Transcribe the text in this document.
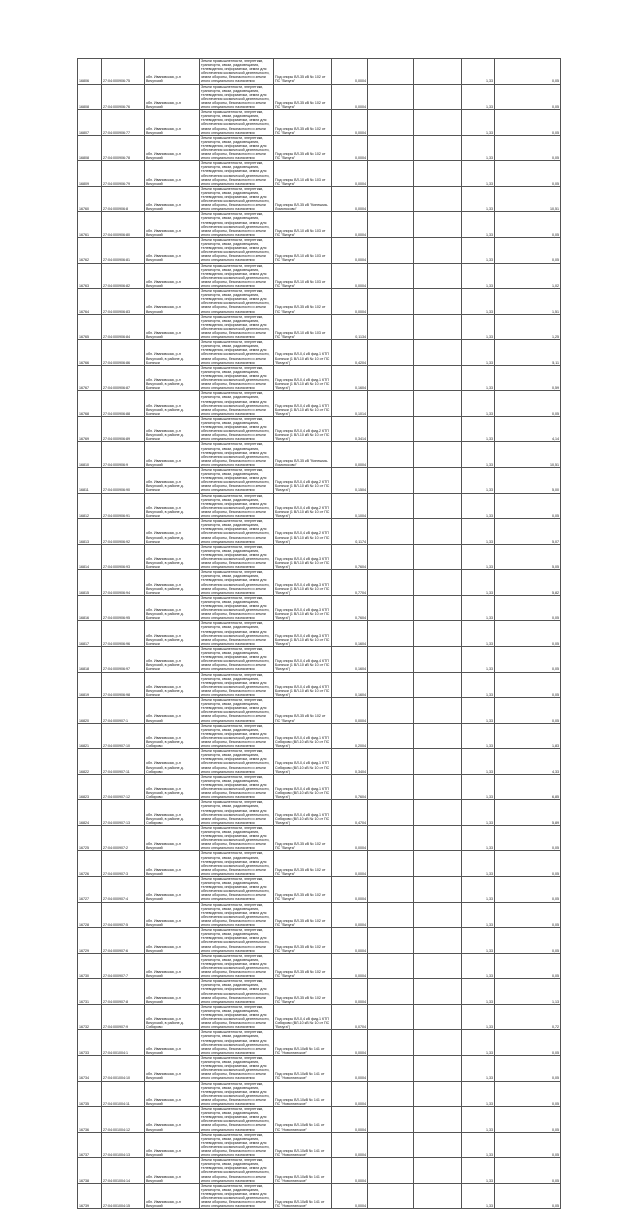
16806	27:04:000906:75	обл. Ивановская, р-н Вичугский	Земли промышленности, энергетики, транспорта, связи, радиовещания, телевидения, информатики, земли для обеспечения космической деятельности, земли обороны, безопасности и земли иного специального назначения	Под опоры ВЛ-35 кВ № 102 от ПС "Вичуга"	0,0004			1,33	0,05
16808	27:04:000906:76	обл. Ивановская, р-н Вичугский	Земли промышленности, энергетики, транспорта, связи, радиовещания, телевидения, информатики, земли для обеспечения космической деятельности, земли обороны, безопасности и земли иного специального назначения	Под опоры ВЛ-35 кВ № 102 от ПС "Вичуга"	0,0004			1,33	0,05
16807	27:04:000906:77	обл. Ивановская, р-н Вичугский	Земли промышленности, энергетики, транспорта, связи, радиовещания, телевидения, информатики, земли для обеспечения космической деятельности, земли обороны, безопасности и земли иного специального назначения	Под опоры ВЛ-35 кВ № 102 от ПС "Вичуга"	0,0004			1,33	0,05
16808	27:04:000906:78	обл. Ивановская, р-н Вичугский	Земли промышленности, энергетики, транспорта, связи, радиовещания, телевидения, информатики, земли для обеспечения космической деятельности, земли обороны, безопасности и земли иного специального назначения	Под опоры ВЛ-35 кВ № 102 от ПС "Вичуга"	0,0004			1,33	0,05
16809	27:04:000906:79	обл. Ивановская, р-н Вичугский	Земли промышленности, энергетики, транспорта, связи, радиовещания, телевидения, информатики, земли для обеспечения космической деятельности, земли обороны, безопасности и земли иного специального назначения	Под опоры ВЛ-10 кВ № 103 от ПС "Вичуга"	0,0004			1,33	0,05
16760	27:04:000906:8	обл. Ивановская, р-н Вичугский	Земли промышленности, энергетики, транспорта, связи, радиовещания, телевидения, информатики, земли для обеспечения космической деятельности, земли обороны, безопасности и земли иного специального назначения	Под опоры ВЛ-35 кВ "Кинешма-Ломоносово"	0,0004			1,33	10,51
16761	27:04:000906:80	обл. Ивановская, р-н Вичугский	Земли промышленности, энергетики, транспорта, связи, радиовещания, телевидения, информатики, земли для обеспечения космической деятельности, земли обороны, безопасности и земли иного специального назначения	Под опоры ВЛ-10 кВ № 103 от ПС "Вичуга"	0,0004			1,33	0,05
16762	27:04:000906:81	обл. Ивановская, р-н Вичугский	Земли промышленности, энергетики, транспорта, связи, радиовещания, телевидения, информатики, земли для обеспечения космической деятельности, земли обороны, безопасности и земли иного специального назначения	Под опоры ВЛ-10 кВ № 103 от ПС "Вичуга"	0,0004			1,33	0,05
16763	27:04:000906:82	обл. Ивановская, р-н Вичугский	Земли промышленности, энергетики, транспорта, связи, радиовещания, телевидения, информатики, земли для обеспечения космической деятельности, земли обороны, безопасности и земли иного специального назначения	Под опоры ВЛ-10 кВ № 103 от ПС "Вичуга"	0,0004			1,33	1,02
16764	27:04:000906:83	обл. Ивановская, р-н Вичугский	Земли промышленности, энергетики, транспорта, связи, радиовещания, телевидения, информатики, земли для обеспечения космической деятельности, земли обороны, безопасности и земли иного специального назначения	Под опоры ВЛ-35 кВ № 102 от ПС "Вичуга"	0,0004			1,33	1,51
16765	27:04:000906:84	обл. Ивановская, р-н Вичугский	Земли промышленности, энергетики, транспорта, связи, радиовещания, телевидения, информатики, земли для обеспечения космической деятельности, земли обороны, безопасности и земли иного специального назначения	Под опоры ВЛ-10 кВ № 103 от ПС "Вичуга"	0,1134			1,33	1,25
16766	27:04:000906:86	обл. Ивановская, р-н Вичугский, в районе д. Бонячки	Земли промышленности, энергетики, транспорта, связи, радиовещания, телевидения, информатики, земли для обеспечения космической деятельности, земли обороны, безопасности и земли иного специального назначения	Под опоры ВЛ-0,4 кВ фид.1 КТП Бонячки (1 ВЛ-10 кВ № 10 от ПС "Вичуга")	0,4204			1,33	5,11
16767	27:04:000906:87	обл. Ивановская, р-н Вичугский, в районе д. Бонячки	Земли промышленности, энергетики, транспорта, связи, радиовещания, телевидения, информатики, земли для обеспечения космической деятельности, земли обороны, безопасности и земли иного специального назначения	Под опоры ВЛ-0,4 кВ фид.1 КТП Бонячки (1 ВЛ-10 кВ № 10 от ПС "Вичуга")	0,1604			1,33	0,59
16768	27:04:000906:88	обл. Ивановская, р-н Вичугский, в районе д. Бонячки	Земли промышленности, энергетики, транспорта, связи, радиовещания, телевидения, информатики, земли для обеспечения космической деятельности, земли обороны, безопасности и земли иного специального назначения	Под опоры ВЛ-0,4 кВ фид.1 КТП Бонячки (1 ВЛ-10 кВ № 10 от ПС "Вичуга")	0,1014			1,33	0,05
16769	27:04:000906:89	обл. Ивановская, р-н Вичугский, в районе д. Бонячки	Земли промышленности, энергетики, транспорта, связи, радиовещания, телевидения, информатики, земли для обеспечения космической деятельности, земли обороны, безопасности и земли иного специального назначения	Под опоры ВЛ-0,4 кВ фид.2 КТП Бонячки (1 ВЛ-10 кВ № 10 от ПС "Вичуга")	0,3414			1,33	4,14
16810	27:04:000906:9	обл. Ивановская, р-н Вичугский	Земли промышленности, энергетики, транспорта, связи, радиовещания, телевидения, информатики, земли для обеспечения космической деятельности, земли обороны, безопасности и земли иного специального назначения	Под опоры ВЛ-35 кВ "Кинешма-Ломоносово"	0,0004			1,33	10,51
16811	27:04:000906:90	обл. Ивановская, р-н Вичугский, в районе д. Бонячки	Земли промышленности, энергетики, транспорта, связи, радиовещания, телевидения, информатики, земли для обеспечения космической деятельности, земли обороны, безопасности и земли иного специального назначения	Под опоры ВЛ-0,4 кВ фид.2 КТП Бонячки (1 ВЛ-10 кВ № 10 от ПС "Вичуга")	0,1504			1,33	5,00
16812	27:04:000906:91	обл. Ивановская, р-н Вичугский, в районе д. Бонячки	Земли промышленности, энергетики, транспорта, связи, радиовещания, телевидения, информатики, земли для обеспечения космической деятельности, земли обороны, безопасности и земли иного специального назначения	Под опоры ВЛ-0,4 кВ фид.2 КТП Бонячки (1 ВЛ-10 кВ № 10 от ПС "Вичуга")	0,1004			1,33	0,05
16813	27:04:000906:92	обл. Ивановская, р-н Вичугский, в районе д. Бонячки	Земли промышленности, энергетики, транспорта, связи, радиовещания, телевидения, информатики, земли для обеспечения космической деятельности, земли обороны, безопасности и земли иного специального назначения	Под опоры ВЛ-0,4 кВ фид.2 КТП Бонячки (1 ВЛ-10 кВ № 10 от ПС "Вичуга")	0,1174			1,33	5,07
16814	27:04:000906:93	обл. Ивановская, р-н Вичугский, в районе д. Бонячки	Земли промышленности, энергетики, транспорта, связи, радиовещания, телевидения, информатики, земли для обеспечения космической деятельности, земли обороны, безопасности и земли иного специального назначения	Под опоры ВЛ-0,4 кВ фид.3 КТП Бонячки (1 ВЛ-10 кВ № 10 от ПС "Вичуга")	0,7604			1,33	5,05
16815	27:04:000906:94	обл. Ивановская, р-н Вичугский, в районе д. Бонячки	Земли промышленности, энергетики, транспорта, связи, радиовещания, телевидения, информатики, земли для обеспечения космической деятельности, земли обороны, безопасности и земли иного специального назначения	Под опоры ВЛ-0,4 кВ фид.3 КТП Бонячки (1 ВЛ-10 кВ № 10 от ПС "Вичуга")	0,7704			1,33	5,82
16816	27:04:000906:95	обл. Ивановская, р-н Вичугский, в районе д. Бонячки	Земли промышленности, энергетики, транспорта, связи, радиовещания, телевидения, информатики, земли для обеспечения космической деятельности, земли обороны, безопасности и земли иного специального назначения	Под опоры ВЛ-0,4 кВ фид.3 КТП Бонячки (1 ВЛ-10 кВ № 10 от ПС "Вичуга")	0,7604			1,33	0,05
16817	27:04:000906:96	обл. Ивановская, р-н Вичугский, в районе д. Бонячки	Земли промышленности, энергетики, транспорта, связи, радиовещания, телевидения, информатики, земли для обеспечения космической деятельности, земли обороны, безопасности и земли иного специального назначения	Под опоры ВЛ-0,4 кВ фид.3 КТП Бонячки (1 ВЛ-10 кВ № 10 от ПС "Вичуга")	0,1604			1,33	0,05
16818	27:04:000906:97	обл. Ивановская, р-н Вичугский, в районе д. Бонячки	Земли промышленности, энергетики, транспорта, связи, радиовещания, телевидения, информатики, земли для обеспечения космической деятельности, земли обороны, безопасности и земли иного специального назначения	Под опоры ВЛ-0,4 кВ фид.4 КТП Бонячки (1 ВЛ-10 кВ № 10 от ПС "Вичуга")	0,1604			1,33	0,05
16819	27:04:000906:98	обл. Ивановская, р-н Вичугский, в районе д. Бонячки	Земли промышленности, энергетики, транспорта, связи, радиовещания, телевидения, информатики, земли для обеспечения космической деятельности, земли обороны, безопасности и земли иного специального назначения	Под опоры ВЛ-0,4 кВ фид.4 КТП Бонячки (1 ВЛ-10 кВ № 10 от ПС "Вичуга")	0,1604			1,33	0,05
16820	27:04:000907:1	обл. Ивановская, р-н Вичугский	Земли промышленности, энергетики, транспорта, связи, радиовещания, телевидения, информатики, земли для обеспечения космической деятельности, земли обороны, безопасности и земли иного специального назначения	Под опоры ВЛ-35 кВ № 102 от ПС "Вичуга"	0,0004			1,33	0,05
16821	27:04:000907:10	обл. Ивановская, р-н Вичугский, в районе д. Сибирово	Земли промышленности, энергетики, транспорта, связи, радиовещания, телевидения, информатики, земли для обеспечения космической деятельности, земли обороны, безопасности и земли иного специального назначения	Под опоры ВЛ-0,4 кВ фид.1 КТП Сибирово (ВЛ-10 кВ № 10 от ПС "Вичуга")	0,2004			1,33	1,83
16822	27:04:000907:11	обл. Ивановская, р-н Вичугский, в районе д. Сибирово	Земли промышленности, энергетики, транспорта, связи, радиовещания, телевидения, информатики, земли для обеспечения космической деятельности, земли обороны, безопасности и земли иного специального назначения	Под опоры ВЛ-0,4 кВ фид.1 КТП Сибирово (ВЛ-10 кВ № 10 от ПС "Вичуга")	0,3404			1,33	4,33
16823	27:04:000907:12	обл. Ивановская, р-н Вичугский, в районе д. Сибирово	Земли промышленности, энергетики, транспорта, связи, радиовещания, телевидения, информатики, земли для обеспечения космической деятельности, земли обороны, безопасности и земли иного специального назначения	Под опоры ВЛ-0,4 кВ фид.1 КТП Сибирово (ВЛ-10 кВ № 10 от ПС "Вичуга")	0,7604			1,33	6,85
16824	27:04:000907:13	обл. Ивановская, р-н Вичугский, в районе д. Сибирово	Земли промышленности, энергетики, транспорта, связи, радиовещания, телевидения, информатики, земли для обеспечения космической деятельности, земли обороны, безопасности и земли иного специального назначения	Под опоры ВЛ-0,4 кВ фид.1 КТП Сибирово (ВЛ-10 кВ № 10 от ПС "Вичуга")	0,4704			1,33	5,89
16725	27:04:000907:2	обл. Ивановская, р-н Вичугский	Земли промышленности, энергетики, транспорта, связи, радиовещания, телевидения, информатики, земли для обеспечения космической деятельности, земли обороны, безопасности и земли иного специального назначения	Под опоры ВЛ-35 кВ № 102 от ПС "Вичуга"	0,0004			1,33	0,05
16726	27:04:000907:3	обл. Ивановская, р-н Вичугский	Земли промышленности, энергетики, транспорта, связи, радиовещания, телевидения, информатики, земли для обеспечения космической деятельности, земли обороны, безопасности и земли иного специального назначения	Под опоры ВЛ-35 кВ № 102 от ПС "Вичуга"	0,0004			1,33	0,05
16727	27:04:000907:4	обл. Ивановская, р-н Вичугский	Земли промышленности, энергетики, транспорта, связи, радиовещания, телевидения, информатики, земли для обеспечения космической деятельности, земли обороны, безопасности и земли иного специального назначения	Под опоры ВЛ-35 кВ № 102 от ПС "Вичуга"	0,0004			1,33	0,05
16728	27:04:000907:5	обл. Ивановская, р-н Вичугский	Земли промышленности, энергетики, транспорта, связи, радиовещания, телевидения, информатики, земли для обеспечения космической деятельности, земли обороны, безопасности и земли иного специального назначения	Под опоры ВЛ-35 кВ № 102 от ПС "Вичуга"	0,0004			1,33	0,05
16729	27:04:000907:6	обл. Ивановская, р-н Вичугский	Земли промышленности, энергетики, транспорта, связи, радиовещания, телевидения, информатики, земли для обеспечения космической деятельности, земли обороны, безопасности и земли иного специального назначения	Под опоры ВЛ-35 кВ № 102 от ПС "Вичуга"	0,0004			1,33	0,05
16730	27:04:000907:7	обл. Ивановская, р-н Вичугский	Земли промышленности, энергетики, транспорта, связи, радиовещания, телевидения, информатики, земли для обеспечения космической деятельности, земли обороны, безопасности и земли иного специального назначения	Под опоры ВЛ-35 кВ № 102 от ПС "Вичуга"	0,0004			1,33	0,05
16731	27:04:000907:8	обл. Ивановская, р-н Вичугский	Земли промышленности, энергетики, транспорта, связи, радиовещания, телевидения, информатики, земли для обеспечения космической деятельности, земли обороны, безопасности и земли иного специального назначения	Под опоры ВЛ-35 кВ № 102 от ПС "Вичуга"	0,0004			1,33	1,13
16732	27:04:000907:9	обл. Ивановская, р-н Вичугский, в районе д. Сибирово	Земли промышленности, энергетики, транспорта, связи, радиовещания, телевидения, информатики, земли для обеспечения космической деятельности, земли обороны, безопасности и земли иного специального назначения	Под опоры ВЛ-0,4 кВ фид.1 КТП Сибирово (ВЛ-10 кВ № 10 от ПС "Вичуга")	0,0704			1,33	0,72
16733	27:04:001004:1	обл. Ивановская, р-н Вичугский	Земли промышленности, энергетики, транспорта, связи, радиовещания, телевидения, информатики, земли для обеспечения космической деятельности, земли обороны, безопасности и земли иного специального назначения	Под опоры ВЛ-10кВ № 141 от ПС "Новоглинское"	0,0004			1,33	0,05
16734	27:04:001004:10	обл. Ивановская, р-н Вичугский	Земли промышленности, энергетики, транспорта, связи, радиовещания, телевидения, информатики, земли для обеспечения космической деятельности, земли обороны, безопасности и земли иного специального назначения	Под опоры ВЛ-10кВ № 141 от ПС "Новоглинское"	0,0004			1,33	0,05
16735	27:04:001004:11	обл. Ивановская, р-н Вичугский	Земли промышленности, энергетики, транспорта, связи, радиовещания, телевидения, информатики, земли для обеспечения космической деятельности, земли обороны, безопасности и земли иного специального назначения	Под опоры ВЛ-10кВ № 141 от ПС "Новоглинское"	0,0004			1,33	0,05
16736	27:04:001004:12	обл. Ивановская, р-н Вичугский	Земли промышленности, энергетики, транспорта, связи, радиовещания, телевидения, информатики, земли для обеспечения космической деятельности, земли обороны, безопасности и земли иного специального назначения	Под опоры ВЛ-10кВ № 141 от ПС "Новоглинское"	0,0004			1,33	0,05
16737	27:04:001004:13	обл. Ивановская, р-н Вичугский	Земли промышленности, энергетики, транспорта, связи, радиовещания, телевидения, информатики, земли для обеспечения космической деятельности, земли обороны, безопасности и земли иного специального назначения	Под опоры ВЛ-10кВ № 141 от ПС "Новоглинское"	0,0004			1,33	0,05
16738	27:04:001004:14	обл. Ивановская, р-н Вичугский	Земли промышленности, энергетики, транспорта, связи, радиовещания, телевидения, информатики, земли для обеспечения космической деятельности, земли обороны, безопасности и земли иного специального назначения	Под опоры ВЛ-10кВ № 141 от ПС "Новоглинское"	0,0004			1,33	0,05
16739	27:04:001004:15	обл. Ивановская, р-н Вичугский	Земли промышленности, энергетики, транспорта, связи, радиовещания, телевидения, информатики, земли для обеспечения космической деятельности, земли обороны, безопасности и земли иного специального назначения	Под опоры ВЛ-10кВ № 141 от ПС "Новоглинское"	0,0004			1,33	0,05
